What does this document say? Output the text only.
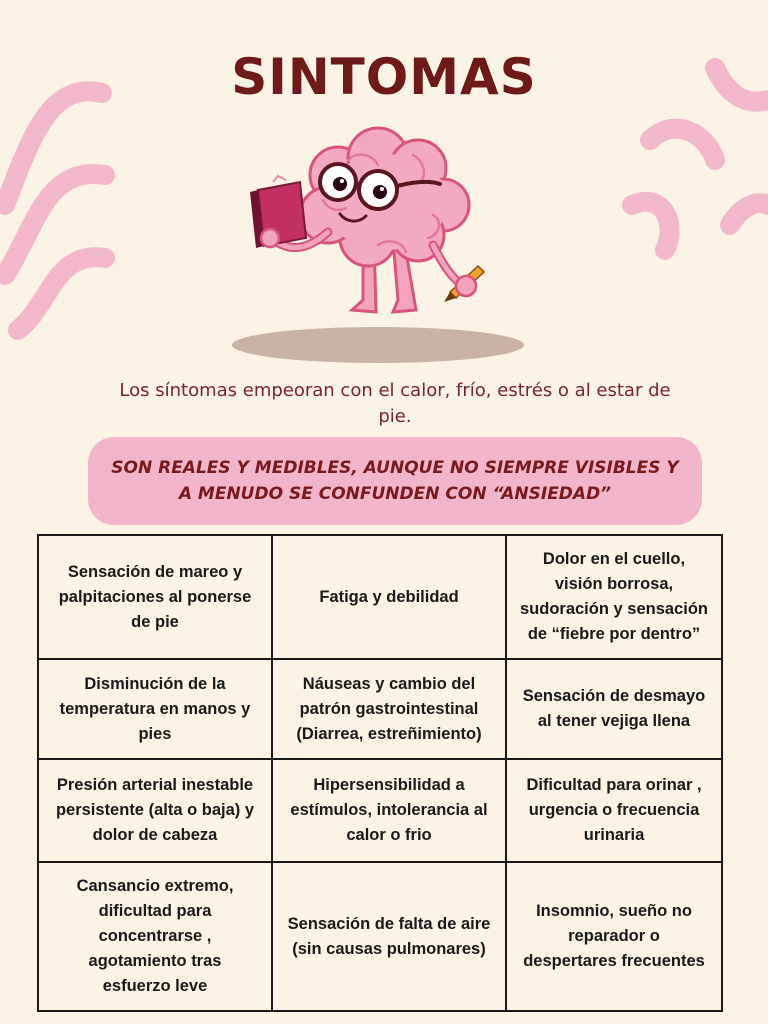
SINTOMAS

Los síntomas empeoran con el calor, frío, estrés o al estar de pie.

SON REALES Y MEDIBLES, AUNQUE NO SIEMPRE VISIBLES Y A MENUDO SE CONFUNDEN CON “ANSIEDAD”
Sensación de mareo y
palpitaciones al ponerse
de pie
Fatiga y debilidad
Dolor en el cuello,
visión borrosa,
sudoración y sensación
de “fiebre por dentro”
Disminución de la
temperatura en manos y
pies
Náuseas y cambio del
patrón gastrointestinal
(Diarrea, estreñimiento)
Sensación de desmayo
al tener vejiga llena
Presión arterial inestable
persistente (alta o baja) y
dolor de cabeza
Hipersensibilidad a
estímulos, intolerancia al
calor o frio
Dificultad para orinar ,
urgencia o frecuencia
urinaria
Cansancio extremo,
dificultad para
concentrarse ,
agotamiento tras
esfuerzo leve
Sensación de falta de aire
(sin causas pulmonares)
Insomnio, sueño no
reparador o
despertares frecuentes
